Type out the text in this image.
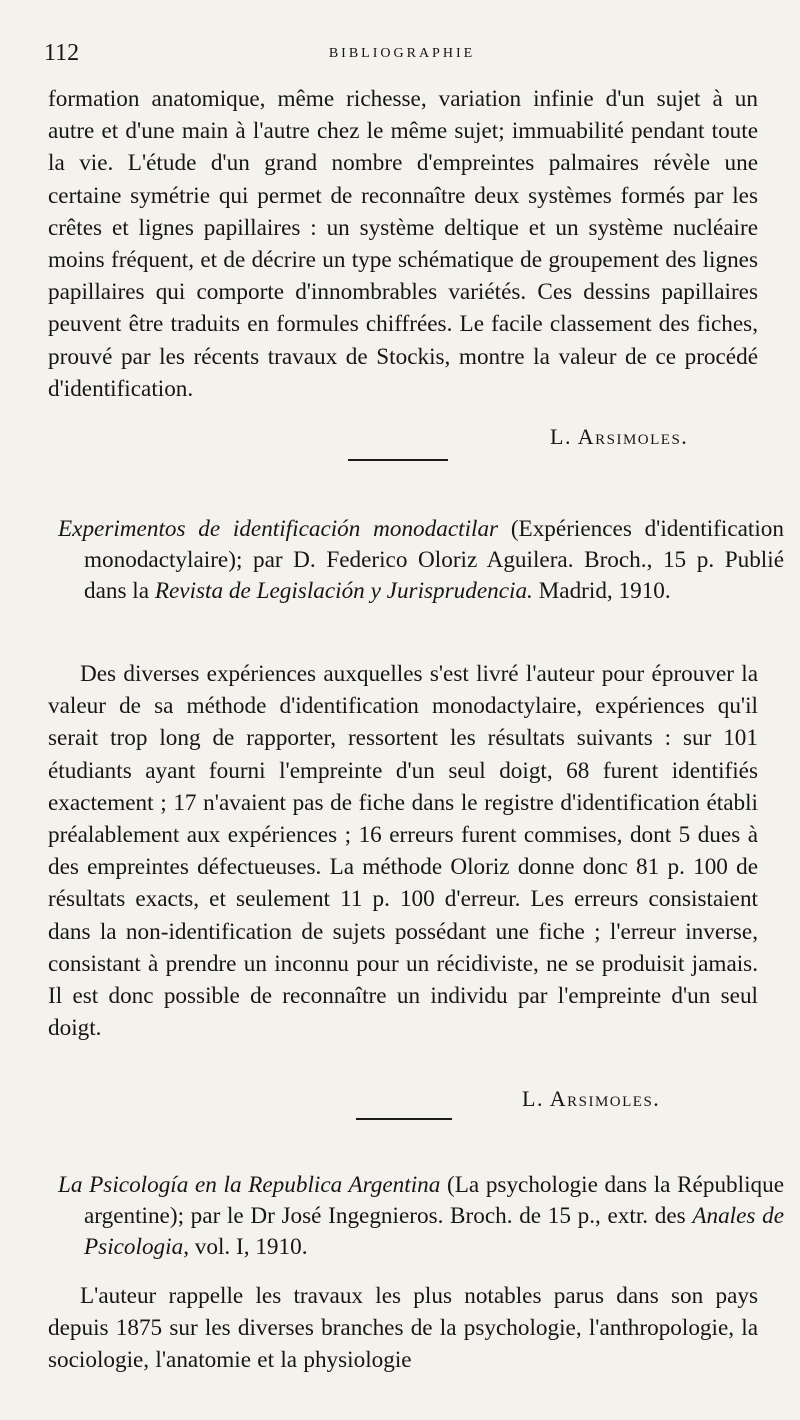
112	BIBLIOGRAPHIE

formation anatomique, même richesse, variation infinie d'un sujet à un autre et d'une main à l'autre chez le même sujet; immuabilité pendant toute la vie. L'étude d'un grand nombre d'empreintes palmaires révèle une certaine symétrie qui permet de reconnaître deux systèmes formés par les crêtes et lignes papillaires : un système deltique et un système nucléaire moins fréquent, et de décrire un type schématique de groupement des lignes papillaires qui comporte d'innombrables variétés. Ces dessins papillaires peuvent être traduits en formules chiffrées. Le facile classement des fiches, prouvé par les récents travaux de Stockis, montre la valeur de ce procédé d'identification.

L. Arsimoles.
Experimentos de identificación monodactilar (Expériences d'identification monodactylaire); par D. Federico Oloriz Aguilera. Broch., 15 p. Publié dans la Revista de Legislación y Jurisprudencia. Madrid, 1910.

Des diverses expériences auxquelles s'est livré l'auteur pour éprouver la valeur de sa méthode d'identification monodactylaire, expériences qu'il serait trop long de rapporter, ressortent les résultats suivants : sur 101 étudiants ayant fourni l'empreinte d'un seul doigt, 68 furent identifiés exactement ; 17 n'avaient pas de fiche dans le registre d'identification établi préalablement aux expériences ; 16 erreurs furent commises, dont 5 dues à des empreintes défectueuses. La méthode Oloriz donne donc 81 p. 100 de résultats exacts, et seulement 11 p. 100 d'erreur. Les erreurs consistaient dans la non-identification de sujets possédant une fiche ; l'erreur inverse, consistant à prendre un inconnu pour un récidiviste, ne se produisit jamais. Il est donc possible de reconnaître un individu par l'empreinte d'un seul doigt.

L. Arsimoles.
La Psicología en la Republica Argentina (La psychologie dans la République argentine); par le Dr José Ingegnieros. Broch. de 15 p., extr. des Anales de Psicologia, vol. I, 1910.

L'auteur rappelle les travaux les plus notables parus dans son pays depuis 1875 sur les diverses branches de la psychologie, l'anthropologie, la sociologie, l'anatomie et la physiologie
